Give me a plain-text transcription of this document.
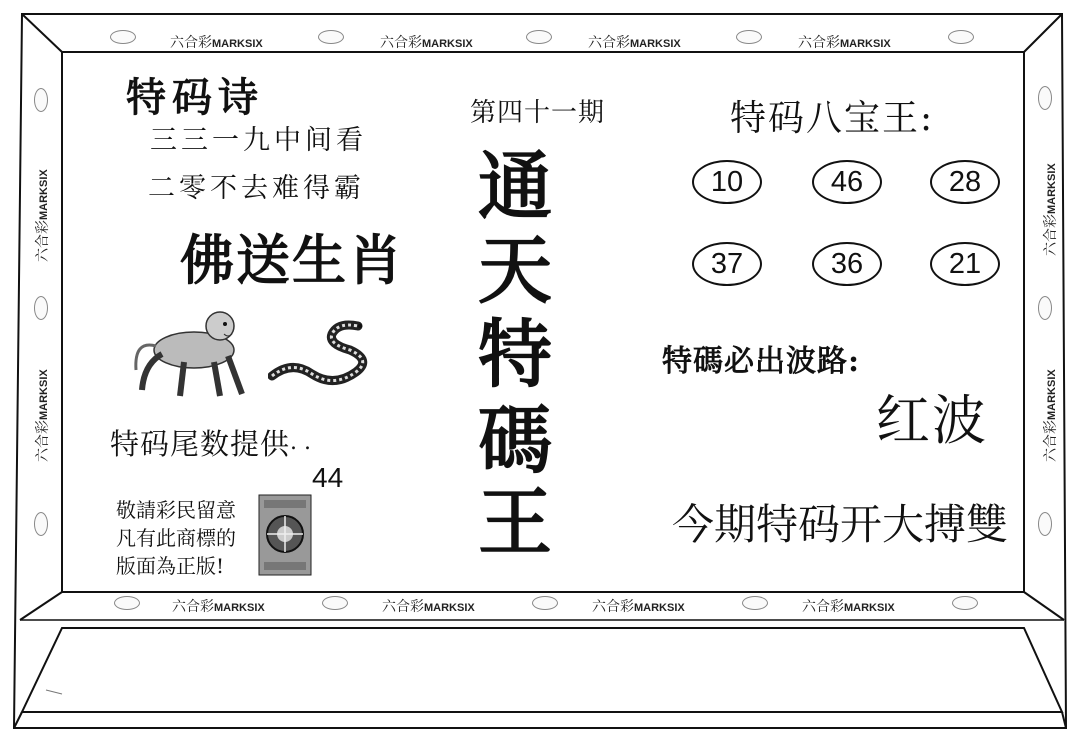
六合彩MARKSIX	六合彩MARKSIX	六合彩MARKSIX	六合彩MARKSIX
六合彩MARKSIX	六合彩MARKSIX	六合彩MARKSIX	六合彩MARKSIX
六合彩MARKSIX
六合彩MARKSIX
六合彩MARKSIX
六合彩MARKSIX
特码诗
三三一九中间看
二零不去难得霸
佛送生肖
特码尾数提供 . .
44
敬請彩民留意
凡有此商標的
版面為正版!
第四十一期
通
天
特
碼
王
特码八宝王:
10	46	28
37	36	21
特碼必出波路:
红波
今期特码开大搏雙
